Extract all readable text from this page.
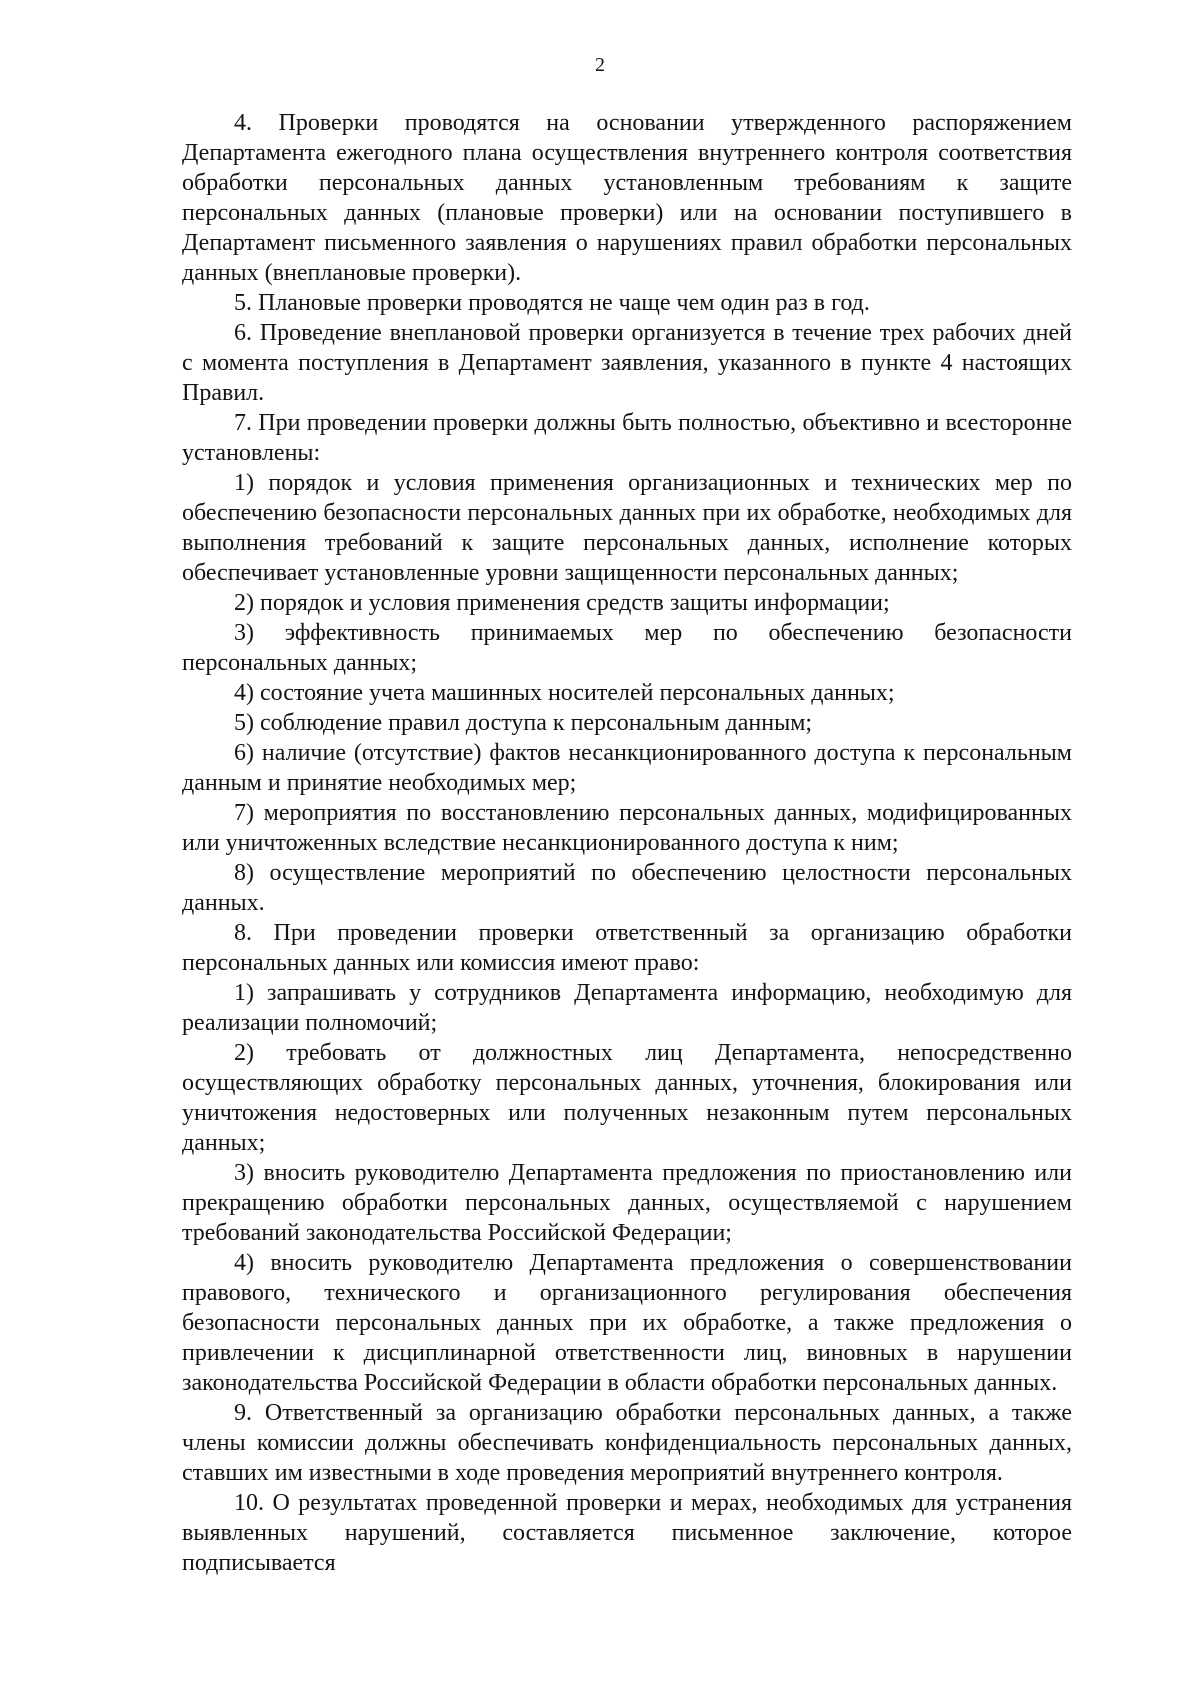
2

4. Проверки проводятся на основании утвержденного распоряжением Департамента ежегодного плана осуществления внутреннего контроля соответствия обработки персональных данных установленным требованиям к защите персональных данных (плановые проверки) или на основании поступившего в Департамент письменного заявления о нарушениях правил обработки персональных данных (внеплановые проверки).

5. Плановые проверки проводятся не чаще чем один раз в год.

6. Проведение внеплановой проверки организуется в течение трех рабочих дней с момента поступления в Департамент заявления, указанного в пункте 4 настоящих Правил.

7. При проведении проверки должны быть полностью, объективно и всесторонне установлены:

1) порядок и условия применения организационных и технических мер по обеспечению безопасности персональных данных при их обработке, необходимых для выполнения требований к защите персональных данных, исполнение которых обеспечивает установленные уровни защищенности персональных данных;

2) порядок и условия применения средств защиты информации;

3) эффективность принимаемых мер по обеспечению безопасности персональных данных;

4) состояние учета машинных носителей персональных данных;

5) соблюдение правил доступа к персональным данным;

6) наличие (отсутствие) фактов несанкционированного доступа к персональным данным и принятие необходимых мер;

7) мероприятия по восстановлению персональных данных, модифицированных или уничтоженных вследствие несанкционированного доступа к ним;

8) осуществление мероприятий по обеспечению целостности персональных данных.

8. При проведении проверки ответственный за организацию обработки персональных данных или комиссия имеют право:

1) запрашивать у сотрудников Департамента информацию, необходимую для реализации полномочий;

2) требовать от должностных лиц Департамента, непосредственно осуществляющих обработку персональных данных, уточнения, блокирования или уничтожения недостоверных или полученных незаконным путем персональных данных;

3) вносить руководителю Департамента предложения по приостановлению или прекращению обработки персональных данных, осуществляемой с нарушением требований законодательства Российской Федерации;

4) вносить руководителю Департамента предложения о совершенствовании правового, технического и организационного регулирования обеспечения безопасности персональных данных при их обработке, а также предложения о привлечении к дисциплинарной ответственности лиц, виновных в нарушении законодательства Российской Федерации в области обработки персональных данных.

9. Ответственный за организацию обработки персональных данных, а также члены комиссии должны обеспечивать конфиденциальность персональных данных, ставших им известными в ходе проведения мероприятий внутреннего контроля.

10. О результатах проведенной проверки и мерах, необходимых для устранения выявленных нарушений, составляется письменное заключение, которое подписывается
